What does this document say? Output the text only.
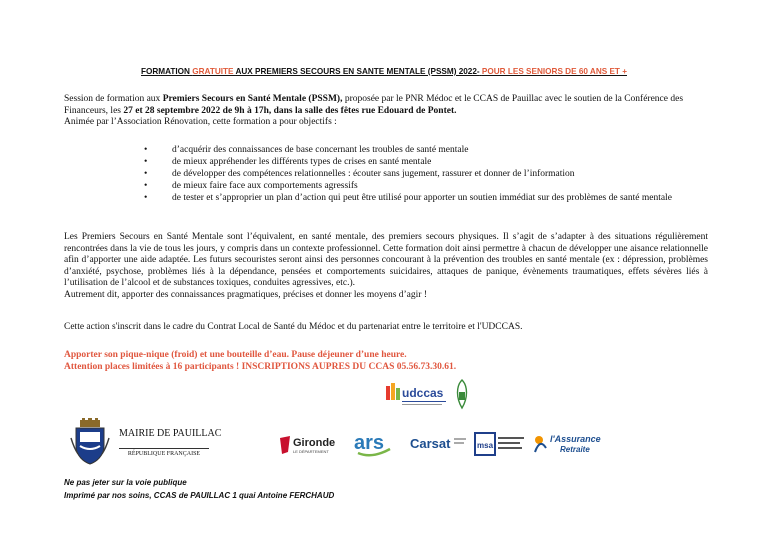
FORMATION GRATUITE AUX PREMIERS SECOURS EN SANTE MENTALE (PSSM) 2022- POUR LES SENIORS DE 60 ANS ET +
Session de formation aux Premiers Secours en Santé Mentale (PSSM), proposée par le PNR Médoc et le CCAS de Pauillac avec le soutien de la Conférence des Financeurs, les 27 et 28 septembre 2022 de 9h à 17h, dans la salle des fêtes rue Edouard de Pontet.
Animée par l’Association Rénovation, cette formation a pour objectifs :
• d’acquérir des connaissances de base concernant les troubles de santé mentale
• de mieux appréhender les différents types de crises en santé mentale
• de développer des compétences relationnelles : écouter sans jugement, rassurer et donner de l’information
• de mieux faire face aux comportements agressifs
• de tester et s’approprier un plan d’action qui peut être utilisé pour apporter un soutien immédiat sur des problèmes de santé mentale
Les Premiers Secours en Santé Mentale sont l’équivalent, en santé mentale, des premiers secours physiques. Il s’agit de s’adapter à des situations régulièrement rencontrées dans la vie de tous les jours, y compris dans un contexte professionnel. Cette formation doit ainsi permettre à chacun de développer une aisance relationnelle afin d’apporter une aide adaptée. Les futurs secouristes seront ainsi des personnes concourant à la prévention des troubles en santé mentale (ex : dépression, problèmes d’anxiété, psychose, problèmes liés à la dépendance, pensées et comportements suicidaires, attaques de panique, évènements traumatiques, effets sévères liés à l’utilisation de l’alcool et de substances toxiques, conduites agressives, etc.).
Autrement dit, apporter des connaissances pragmatiques, précises et donner les moyens d’agir !
Cette action s'inscrit dans le cadre du Contrat Local de Santé du Médoc et du partenariat entre le territoire et l'UDCCAS.
Apporter son pique-nique (froid) et une bouteille d’eau. Pause déjeuner d’une heure.
Attention places limitées à 16 participants ! INSCRIPTIONS AUPRES DU CCAS 05.56.73.30.61.
udccas
MAIRIE DE PAUILLAC
RÉPUBLIQUE FRANÇAISE
Gironde
LE DÉPARTEMENT ars Carsat	msa
l'Assurance
Retraite
Ne pas jeter sur la voie publique
Imprimé par nos soins, CCAS de PAUILLAC 1 quai Antoine FERCHAUD
